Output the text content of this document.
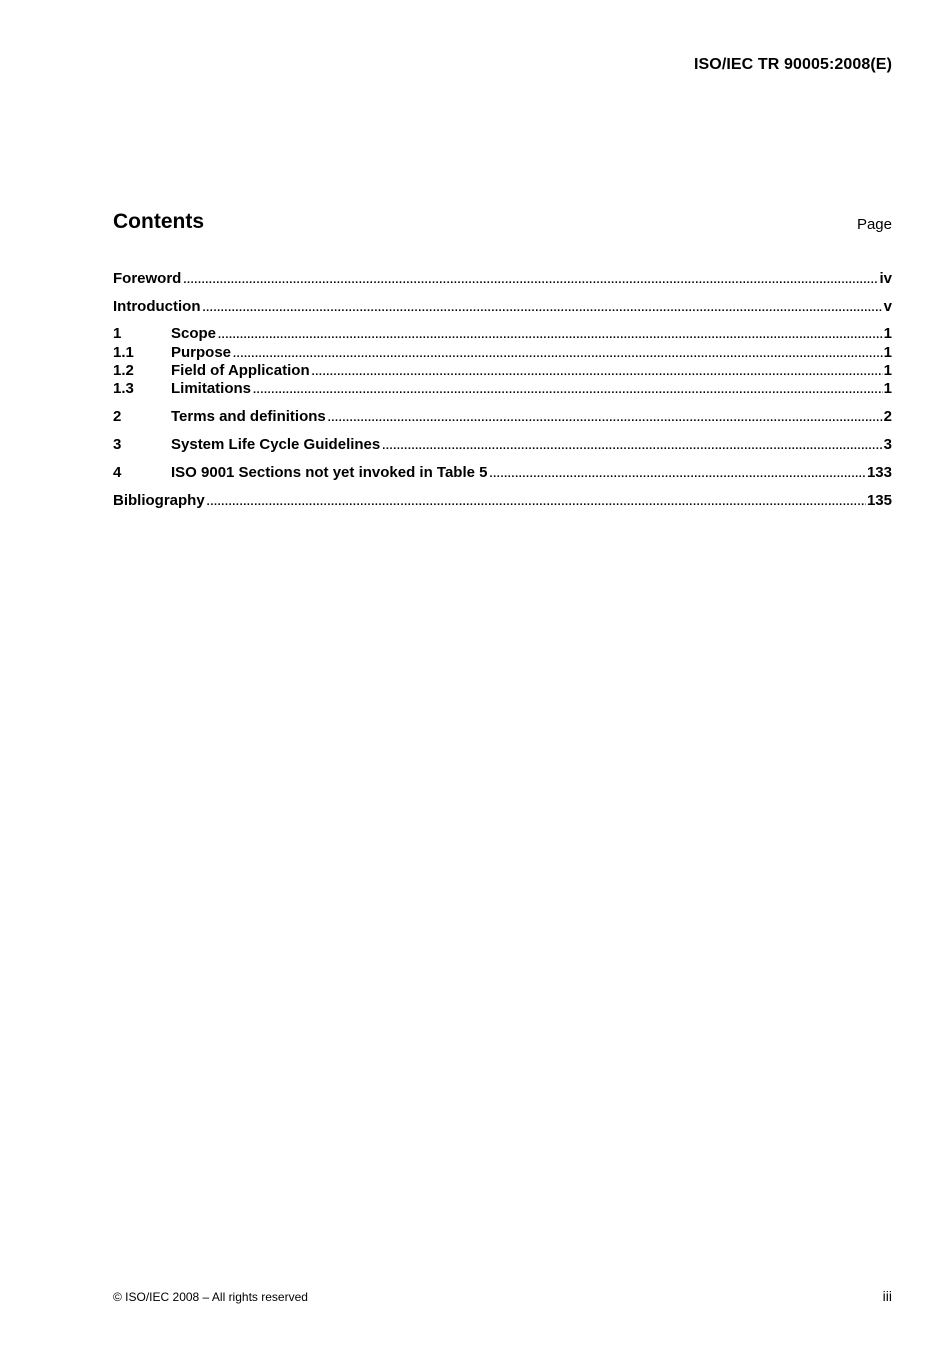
ISO/IEC TR 90005:2008(E)
Contents	Page
Foreword .....	iv
Introduction .....	v
1	Scope .....	1
1.1	Purpose .....	1
1.2	Field of Application .....	1
1.3	Limitations .....	1
2	Terms and definitions .....	2
3	System Life Cycle Guidelines .....	3
4	ISO 9001 Sections not yet invoked in Table 5 .....	133
Bibliography .....	135
© ISO/IEC 2008 – All rights reserved	iii
